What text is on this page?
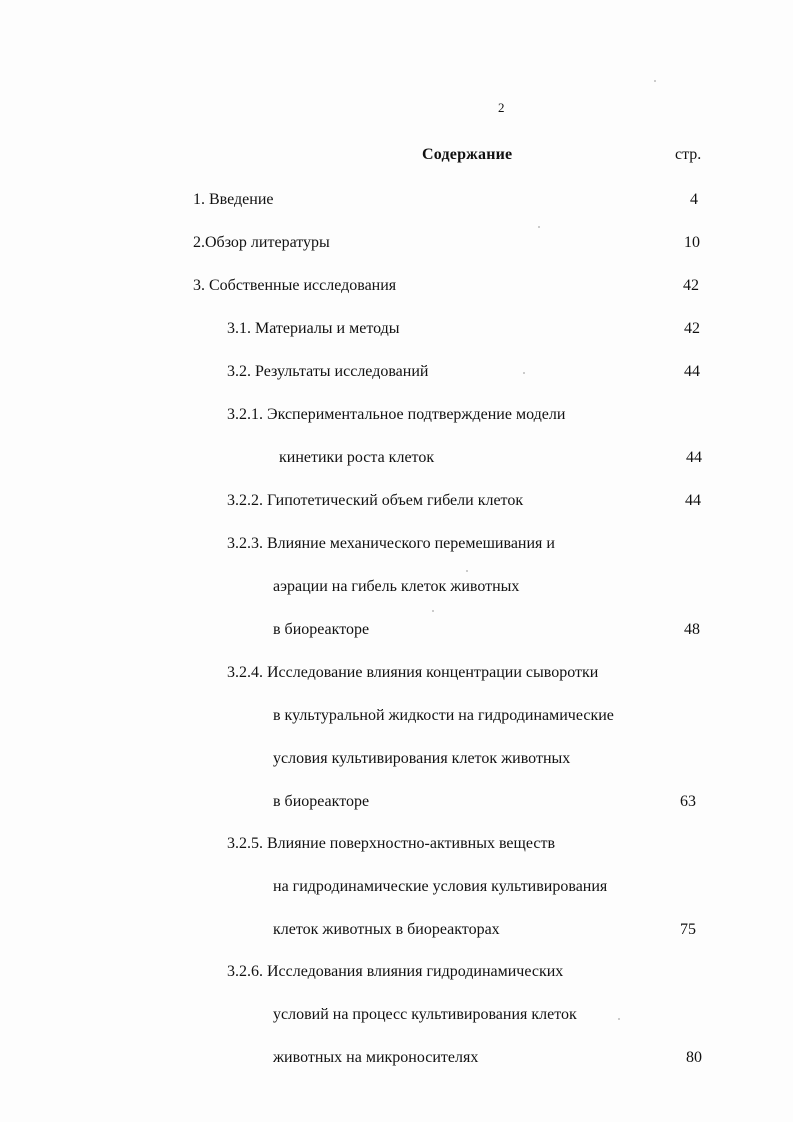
2
Содержание	стр.
1. Введение	4
2.Обзор литературы	10
3. Собственные исследования	42
3.1. Материалы и методы	42
3.2. Результаты исследований	44
3.2.1. Экспериментальное подтверждение модели
кинетики роста клеток	44
3.2.2. Гипотетический объем гибели клеток	44
3.2.3. Влияние механического перемешивания и
аэрации на гибель клеток животных
в биореакторе	48
3.2.4. Исследование влияния концентрации сыворотки
в культуральной жидкости на гидродинамические
условия культивирования клеток животных
в биореакторе	63
3.2.5. Влияние поверхностно-активных веществ
на гидродинамические условия культивирования
клеток животных в биореакторах	75
3.2.6. Исследования влияния гидродинамических
условий на процесс культивирования клеток
животных на микроносителях	80
